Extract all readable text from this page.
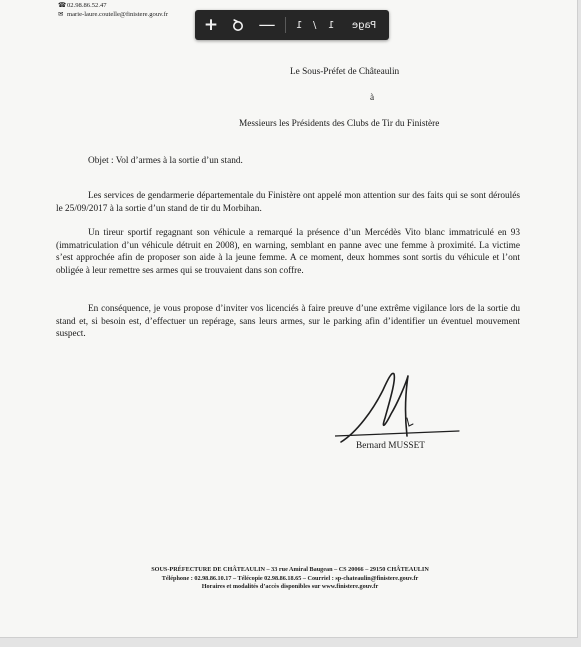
☎02.98.86.52.47
✉ marie-laure.coutelle@finistere.gouv.fr

Le Sous-Préfet de Châteaulin

à

Messieurs les Présidents des Clubs de Tir du Finistère

Objet : Vol d’armes à la sortie d’un stand.

Les services de gendarmerie départementale du Finistère ont appelé mon attention sur des faits qui se sont déroulés le 25/09/2017 à la sortie d’un stand de tir du Morbihan.

Un tireur sportif regagnant son véhicule a remarqué la présence d’un Mercédès Vito blanc immatriculé en 93 (immatriculation d’un véhicule détruit en 2008), en warning, semblant en panne avec une femme à proximité. La victime s’est approchée afin de proposer son aide à la jeune femme. A ce moment, deux hommes sont sortis du véhicule et l’ont obligée à leur remettre ses armes qui se trouvaient dans son coffre.

En conséquence, je vous propose d’inviter vos licenciés à faire preuve d’une extrême vigilance lors de la sortie du stand et, si besoin est, d’effectuer un repérage, sans leurs armes, sur le parking afin d’identifier un éventuel mouvement suspect.

Bernard MUSSET

SOUS-PRÉFECTURE DE CHÂTEAULIN – 33 rue Amiral Baugean – CS 20066 – 29150 CHÂTEAULIN
Téléphone : 02.98.86.10.17 – Télécopie 02.98.86.18.65 – Courriel : sp-chateaulin@finistere.gouv.fr
Horaires et modalités d’accès disponibles sur www.finistere.gouv.fr
+ — 1 / 1 Page
